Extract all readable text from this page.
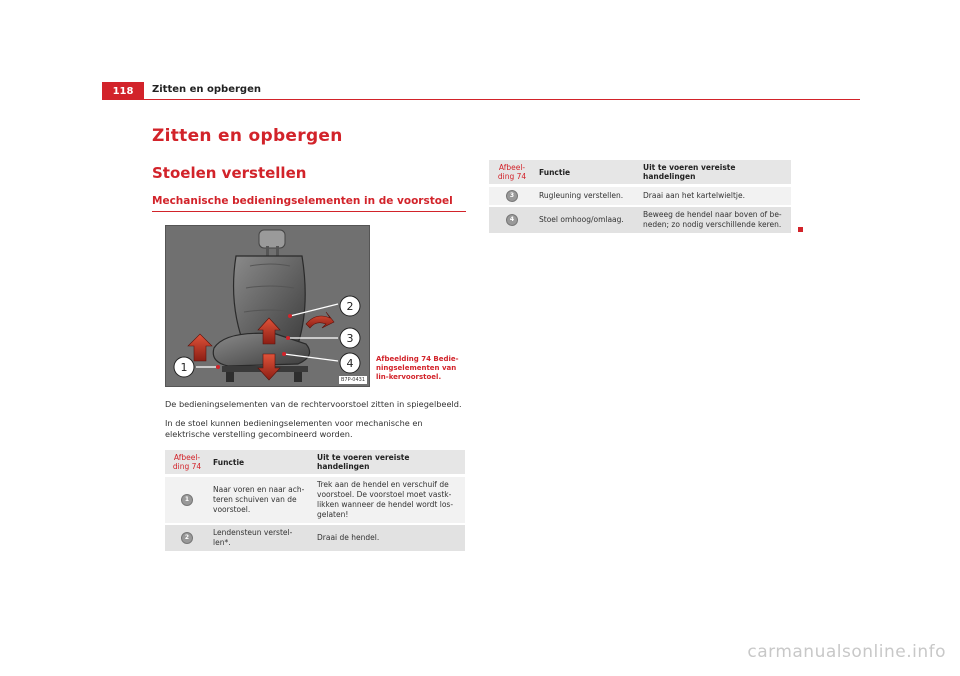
118 Zitten en opbergen
Zitten en opbergen
Stoelen verstellen
Mechanische bedieningselementen in de voorstoel
1
2
3
4
B7P-0431
Afbeelding 74 Bedie-ningselementen van lin-kervoorstoel.
De bedieningselementen van de rechtervoorstoel zitten in spiegelbeeld.
In de stoel kunnen bedieningselementen voor mechanische en elektrische verstelling gecombineerd worden.
Afbeel-ding 74	Functie	Uit te voeren vereiste handelingen
1	Naar voren en naar ach-teren schuiven van de voorstoel.	Trek aan de hendel en verschuif de voorstoel. De voorstoel moet vastk-likken wanneer de hendel wordt los-gelaten!
2	Lendensteun verstel-len*.	Draai de hendel.
Afbeel-ding 74	Functie	Uit te voeren vereiste handelingen
3	Rugleuning verstellen.	Draai aan het kartelwieltje.
4	Stoel omhoog/omlaag.	Beweeg de hendel naar boven of be-neden; zo nodig verschillende keren.
carmanualsonline.info
